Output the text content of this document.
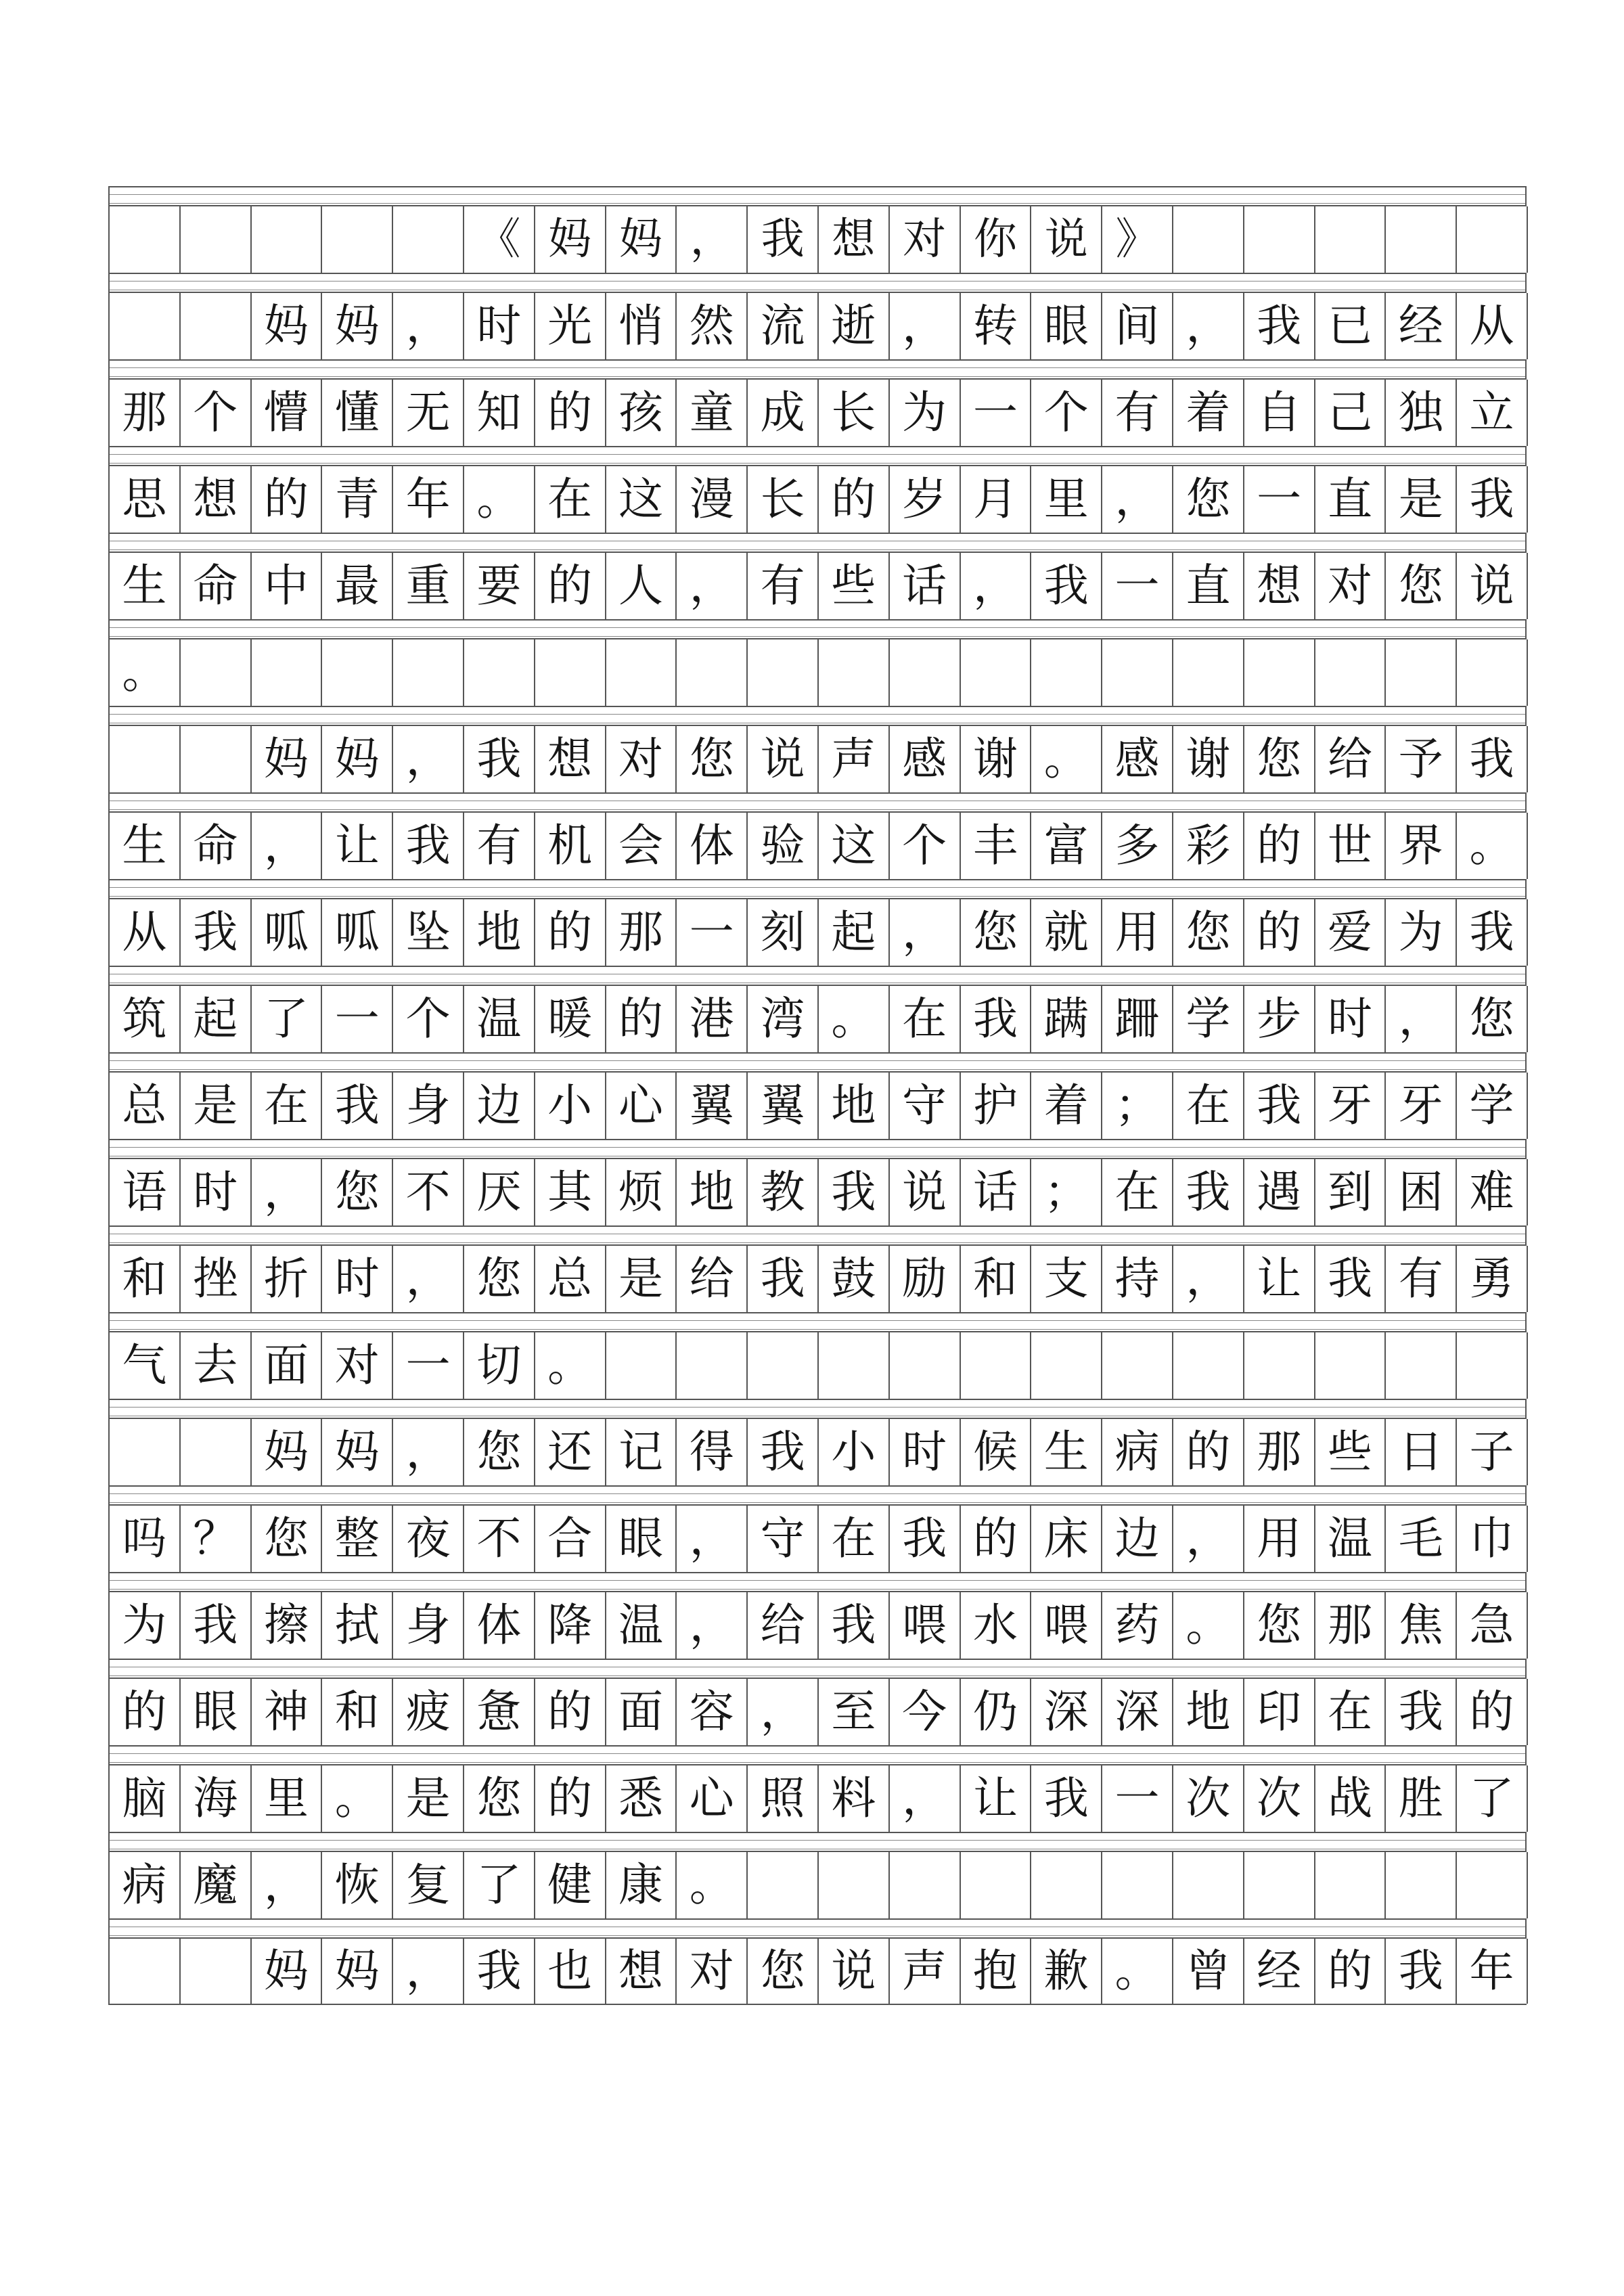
《 妈 妈 ， 我 想 对 你 说 》
妈 妈 ， 时 光 悄 然 流 逝 ， 转 眼 间 ， 我 已 经 从
那 个 懵 懂 无 知 的 孩 童 成 长 为 一 个 有 着 自 己 独 立
思 想 的 青 年 。 在 这 漫 长 的 岁 月 里 ， 您 一 直 是 我
生 命 中 最 重 要 的 人 ， 有 些 话 ， 我 一 直 想 对 您 说
。
妈 妈 ， 我 想 对 您 说 声 感 谢 。 感 谢 您 给 予 我
生 命 ， 让 我 有 机 会 体 验 这 个 丰 富 多 彩 的 世 界 。
从 我 呱 呱 坠 地 的 那 一 刻 起 ， 您 就 用 您 的 爱 为 我
筑 起 了 一 个 温 暖 的 港 湾 。 在 我 蹒 跚 学 步 时 ， 您
总 是 在 我 身 边 小 心 翼 翼 地 守 护 着 ； 在 我 牙 牙 学
语 时 ， 您 不 厌 其 烦 地 教 我 说 话 ； 在 我 遇 到 困 难
和 挫 折 时 ， 您 总 是 给 我 鼓 励 和 支 持 ， 让 我 有 勇
气 去 面 对 一 切 。
妈 妈 ， 您 还 记 得 我 小 时 候 生 病 的 那 些 日 子
吗 ？ 您 整 夜 不 合 眼 ， 守 在 我 的 床 边 ， 用 温 毛 巾
为 我 擦 拭 身 体 降 温 ， 给 我 喂 水 喂 药 。 您 那 焦 急
的 眼 神 和 疲 惫 的 面 容 ， 至 今 仍 深 深 地 印 在 我 的
脑 海 里 。 是 您 的 悉 心 照 料 ， 让 我 一 次 次 战 胜 了
病 魔 ， 恢 复 了 健 康 。
妈 妈 ， 我 也 想 对 您 说 声 抱 歉 。 曾 经 的 我 年
